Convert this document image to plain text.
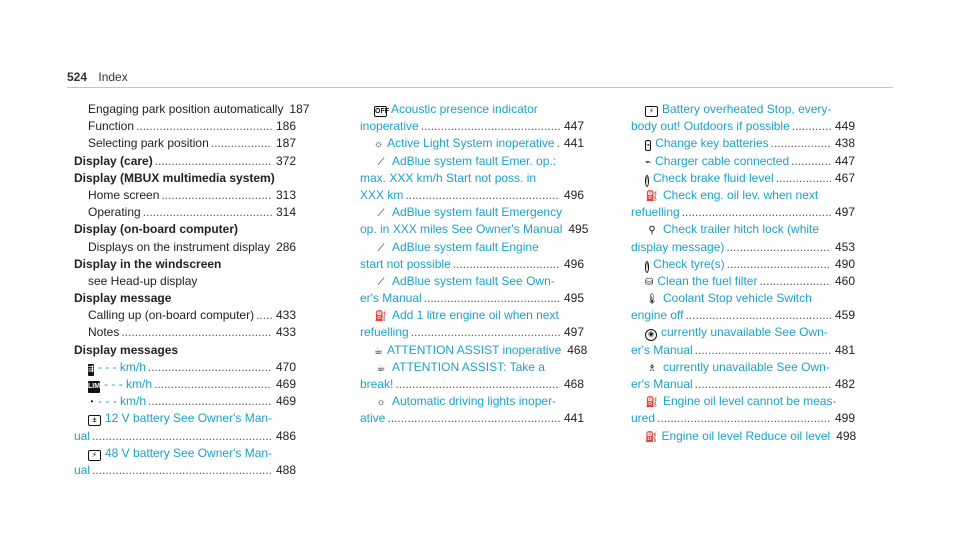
524 Index
Engaging park position automatically 187
Function .....	186
Selecting park position .....	187
Display (care) .....	372
Display (MBUX multimedia system)
Home screen .....	313
Operating .....	314
Display (on-board computer)
Displays on the instrument display 286
Display in the windscreen
see Head-up display
Display message
Calling up (on-board computer) ..... 433
Notes .....	433
Display messages
⇶ - - - km/h .....	470
LIM - - - km/h .....	469
◔ - - - km/h .....	469
± 12 V battery See Owner's Man-
ual .....	486
⚡ 48 V battery See Owner's Man-
ual .....	488
OFF Acoustic presence indicator
inoperative .....	447
☼ Active Light System inoperative ..... 441
⟋ AdBlue system fault Emer. op.:
max. XXX km/h Start not poss. in
XXX km .....	496
⟋ AdBlue system fault Emergency
op. in XXX miles See Owner's Manual 495
⟋ AdBlue system fault Engine
start not possible .....	496
⟋ AdBlue system fault See Own-
er's Manual .....	495
⛽ Add 1 litre engine oil when next
refuelling .....	497
☕ ATTENTION ASSIST inoperative 468
☕ ATTENTION ASSIST: Take a
break! .....	468
☼ Automatic driving lights inoper-
ative .....	441
⚡ Battery overheated Stop, every-
body out! Outdoors if possible .....	449
⌁ Change key batteries .....	438
⌁ Charger cable connected .....	447
! Check brake fluid level .....	467
⛽ Check eng. oil lev. when next
refuelling .....	497
⚲ Check trailer hitch lock (white
display message) .....	453
! Check tyre(s) .....	490
⛁ Clean the fuel filter .....	460
🌡 Coolant Stop vehicle Switch
engine off .....	459
◉ currently unavailable See Own-
er's Manual .....	481
♗ currently unavailable See Own-
er's Manual .....	482
⛽ Engine oil level cannot be meas-
ured .....	499
⛽ Engine oil level Reduce oil level 498
